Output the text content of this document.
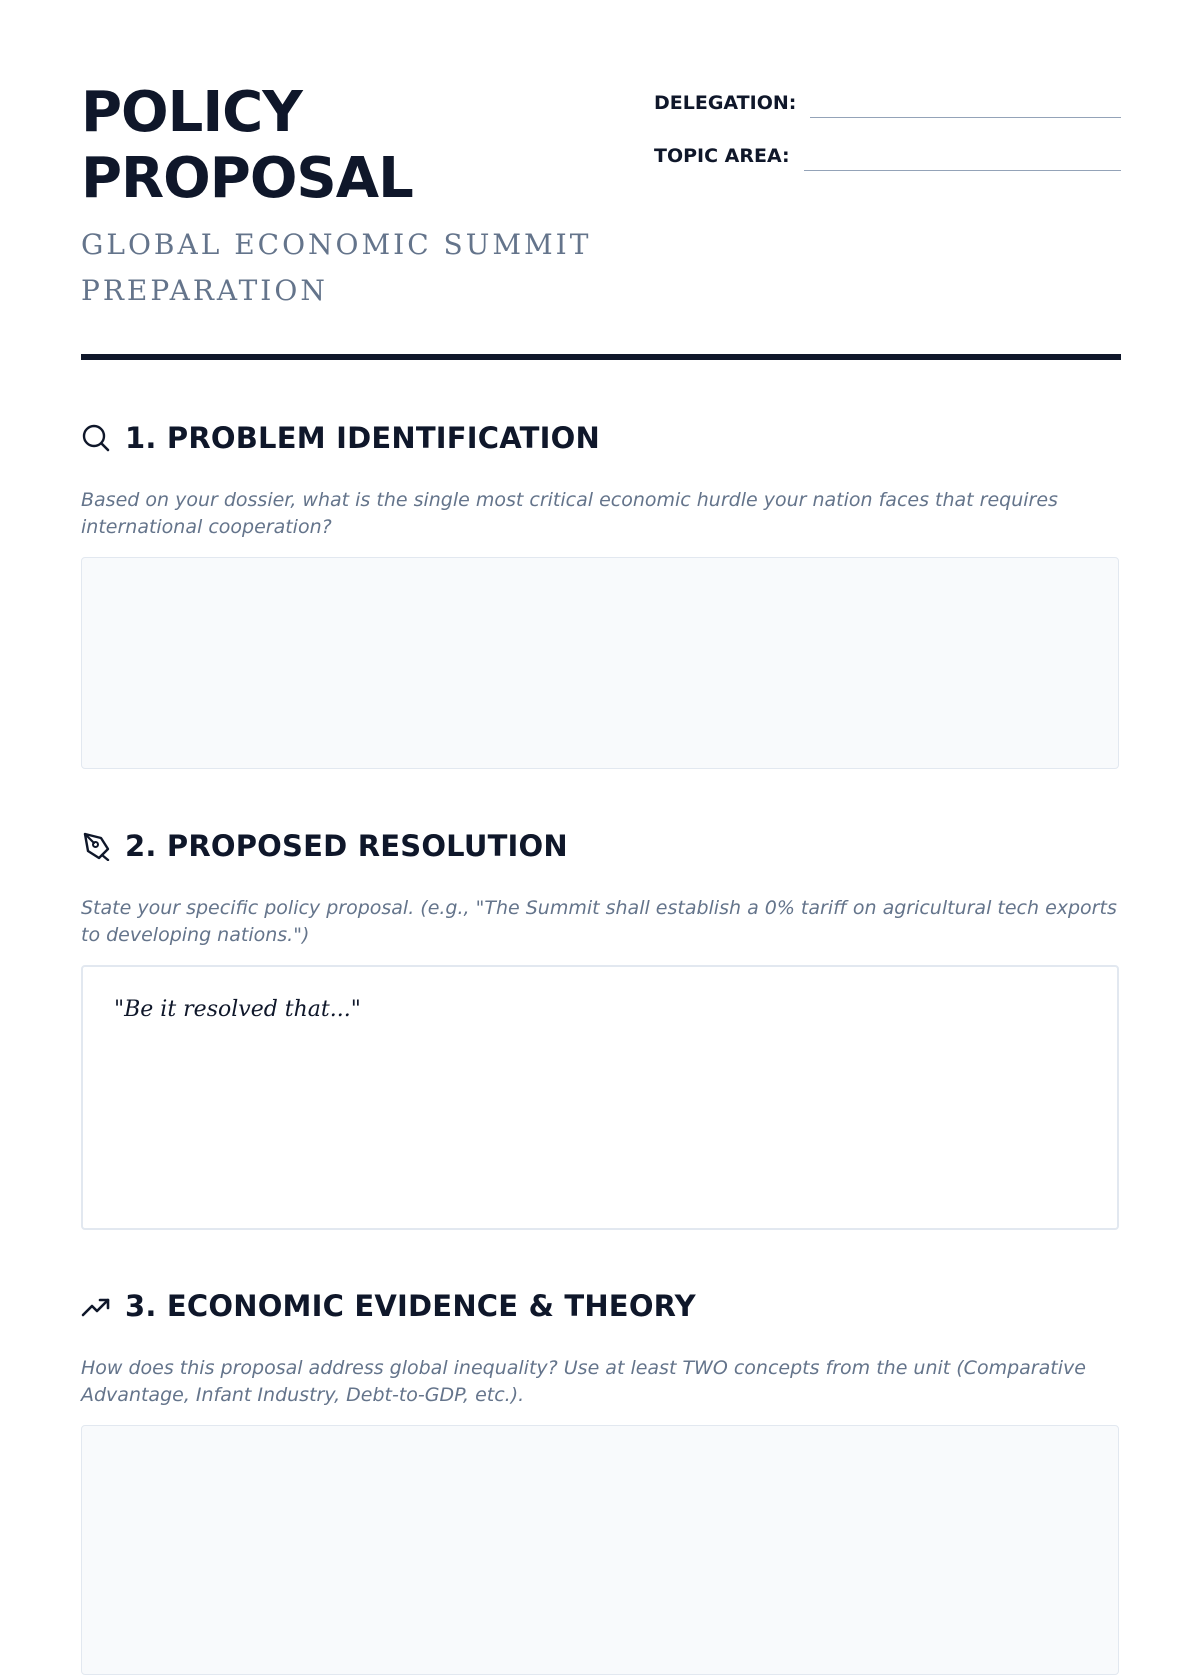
POLICY
PROPOSAL
GLOBAL ECONOMIC SUMMIT
PREPARATION
DELEGATION:
TOPIC AREA:
1. PROBLEM IDENTIFICATION
Based on your dossier, what is the single most critical economic hurdle your nation faces that requires international cooperation?
2. PROPOSED RESOLUTION
State your specific policy proposal. (e.g., "The Summit shall establish a 0% tariff on agricultural tech exports to developing nations.")
"Be it resolved that..."
3. ECONOMIC EVIDENCE & THEORY
How does this proposal address global inequality? Use at least TWO concepts from the unit (Comparative Advantage, Infant Industry, Debt-to-GDP, etc.).
